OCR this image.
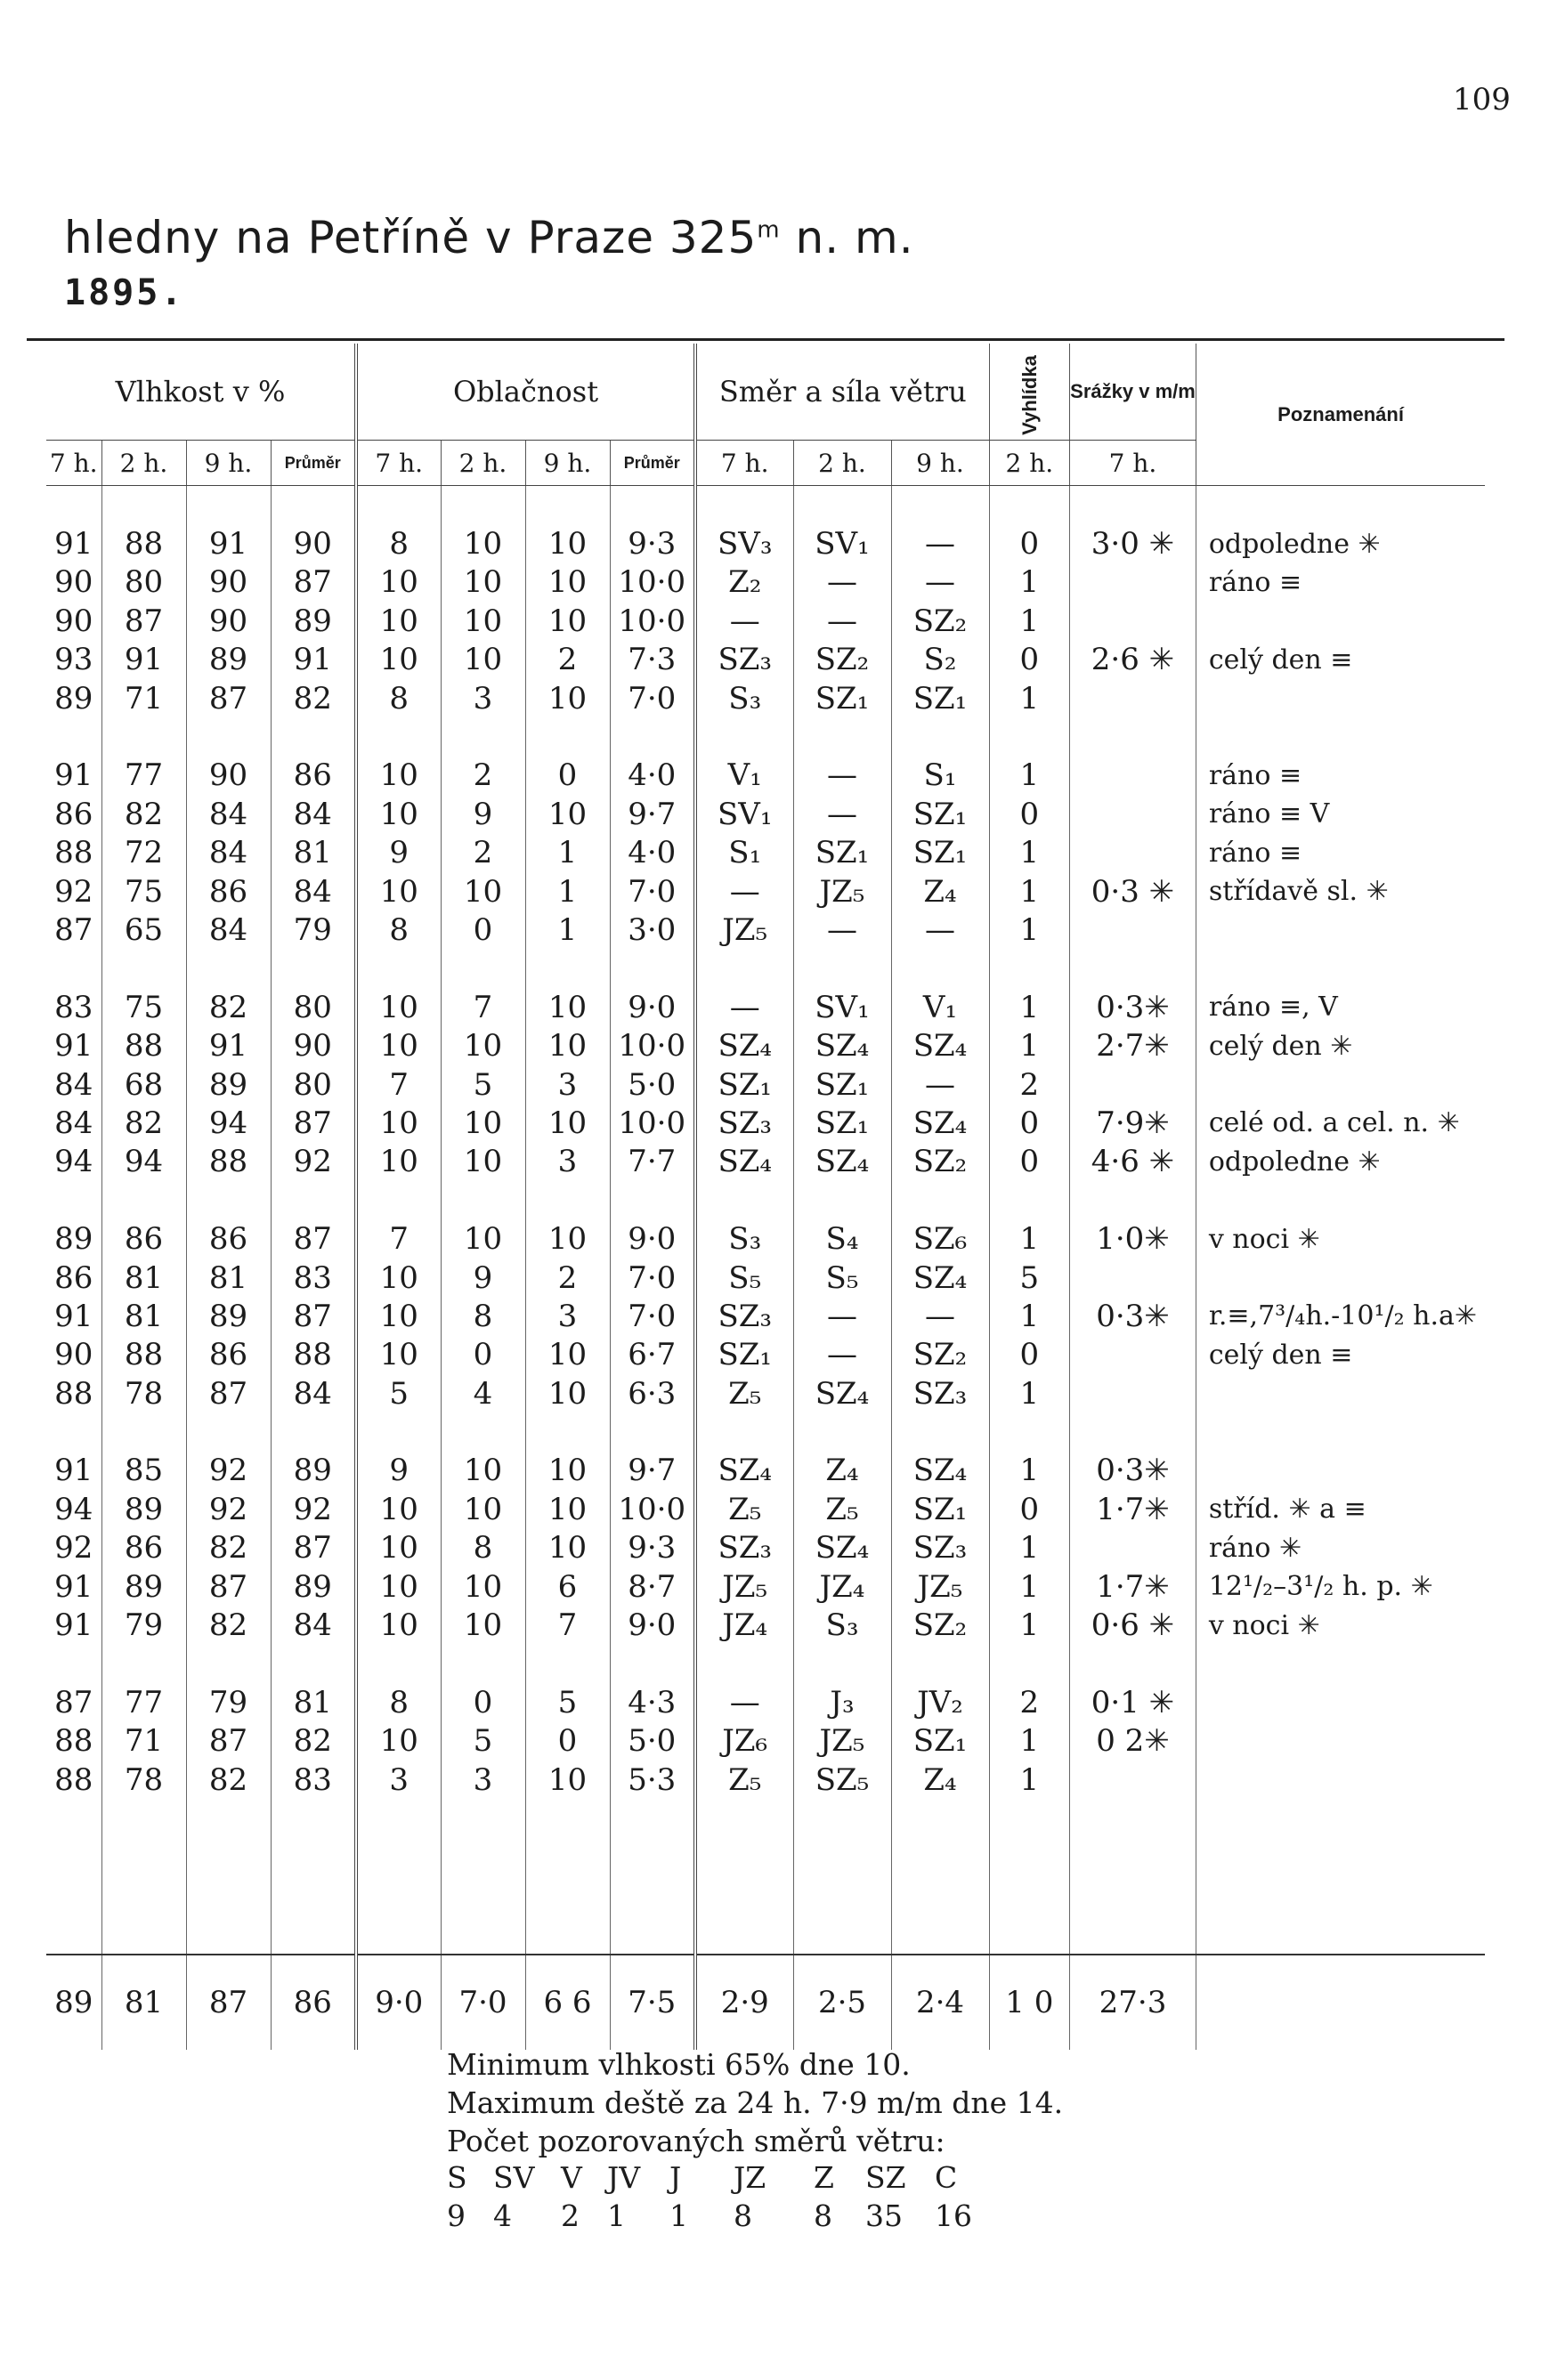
109
hledny na Petříně v Praze 325$^m$ n. m.
1895.
Vlhkost v %				Oblačnost				Směr a síla větru			Vyhlídka	Srážky v m/m	Poznamenání
7 h.	2 h.	9 h.	Průměr	7 h.	2 h.	9 h.	Průměr	7 h.	2 h.	9 h.	2 h.	7 h.	

91	88	91	90	8	10	10	9·3	SV₃	SV₁	—	0	3·0 ✳	odpoledne ✳
90	80	90	87	10	10	10	10·0	Z₂	—	—	1		ráno ≡
90	87	90	89	10	10	10	10·0	—	—	SZ₂	1		
93	91	89	91	10	10	2	7·3	SZ₃	SZ₂	S₂	0	2·6 ✳	celý den ≡
89	71	87	82	8	3	10	7·0	S₃	SZ₁	SZ₁	1		

91	77	90	86	10	2	0	4·0	V₁	—	S₁	1		ráno ≡
86	82	84	84	10	9	10	9·7	SV₁	—	SZ₁	0		ráno ≡ V
88	72	84	81	9	2	1	4·0	S₁	SZ₁	SZ₁	1		ráno ≡
92	75	86	84	10	10	1	7·0	—	JZ₅	Z₄	1	0·3 ✳	střídavě sl. ✳
87	65	84	79	8	0	1	3·0	JZ₅	—	—	1		

83	75	82	80	10	7	10	9·0	—	SV₁	V₁	1	0·3✳	ráno ≡, V
91	88	91	90	10	10	10	10·0	SZ₄	SZ₄	SZ₄	1	2·7✳	celý den ✳
84	68	89	80	7	5	3	5·0	SZ₁	SZ₁	—	2		
84	82	94	87	10	10	10	10·0	SZ₃	SZ₁	SZ₄	0	7·9✳	celé od. a cel. n. ✳
94	94	88	92	10	10	3	7·7	SZ₄	SZ₄	SZ₂	0	4·6 ✳	odpoledne ✳

89	86	86	87	7	10	10	9·0	S₃	S₄	SZ₆	1	1·0✳	v noci ✳
86	81	81	83	10	9	2	7·0	S₅	S₅	SZ₄	5		
91	81	89	87	10	8	3	7·0	SZ₃	—	—	1	0·3✳	r.≡,7³/₄h.-10¹/₂ h.a✳
90	88	86	88	10	0	10	6·7	SZ₁	—	SZ₂	0		celý den ≡
88	78	87	84	5	4	10	6·3	Z₅	SZ₄	SZ₃	1		

91	85	92	89	9	10	10	9·7	SZ₄	Z₄	SZ₄	1	0·3✳	
94	89	92	92	10	10	10	10·0	Z₅	Z₅	SZ₁	0	1·7✳	stříd. ✳ a ≡
92	86	82	87	10	8	10	9·3	SZ₃	SZ₄	SZ₃	1		ráno ✳
91	89	87	89	10	10	6	8·7	JZ₅	JZ₄	JZ₅	1	1·7✳	12¹/₂–3¹/₂ h. p. ✳
91	79	82	84	10	10	7	9·0	JZ₄	S₃	SZ₂	1	0·6 ✳	v noci ✳

87	77	79	81	8	0	5	4·3	—	J₃	JV₂	2	0·1 ✳	
88	71	87	82	10	5	0	5·0	JZ₆	JZ₅	SZ₁	1	0 2✳	
88	78	82	83	3	3	10	5·3	Z₅	SZ₅	Z₄	1		

89	81	87	86	9·0	7·0	6 6	7·5	2·9	2·5	2·4	1 0	27·3	
Minimum vlhkosti 65% dne 10.
Maximum deště za 24 h. 7·9 m/m dne 14.
Počet pozorovaných směrů větru:
S SV V JV J JZ Z SZ C
9 4 2 1 1 8 8 35 16
